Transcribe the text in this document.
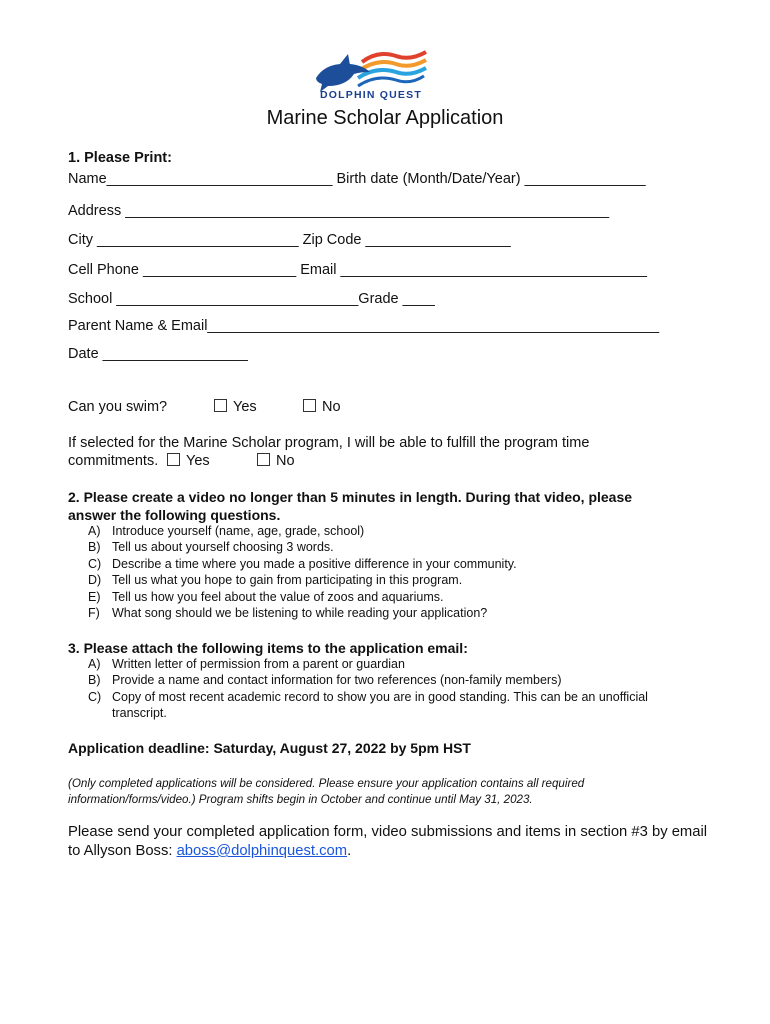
DOLPHIN QUEST
Marine Scholar Application
1. Please Print:
Name____________________________ Birth date (Month/Date/Year) _______________
Address ____________________________________________________________
City _________________________ Zip Code __________________
Cell Phone ___________________ Email ______________________________________
School ______________________________Grade ____
Parent Name & Email________________________________________________________
Date __________________
Can you swim?	Yes	No
If selected for the Marine Scholar program, I will be able to fulfill the program time
commitments.	Yes	No
2. Please create a video no longer than 5 minutes in length. During that video, please
answer the following questions.
A) Introduce yourself (name, age, grade, school)
B) Tell us about yourself choosing 3 words.
C) Describe a time where you made a positive difference in your community.
D) Tell us what you hope to gain from participating in this program.
E) Tell us how you feel about the value of zoos and aquariums.
F) What song should we be listening to while reading your application?
3. Please attach the following items to the application email:
A) Written letter of permission from a parent or guardian
B) Provide a name and contact information for two references (non-family members)
C) Copy of most recent academic record to show you are in good standing. This can be an unofficial transcript.
Application deadline: Saturday, August 27, 2022 by 5pm HST
(Only completed applications will be considered. Please ensure your application contains all required information/forms/video.) Program shifts begin in October and continue until May 31, 2023.
Please send your completed application form, video submissions and items in section #3 by email to Allyson Boss: aboss@dolphinquest.com.
